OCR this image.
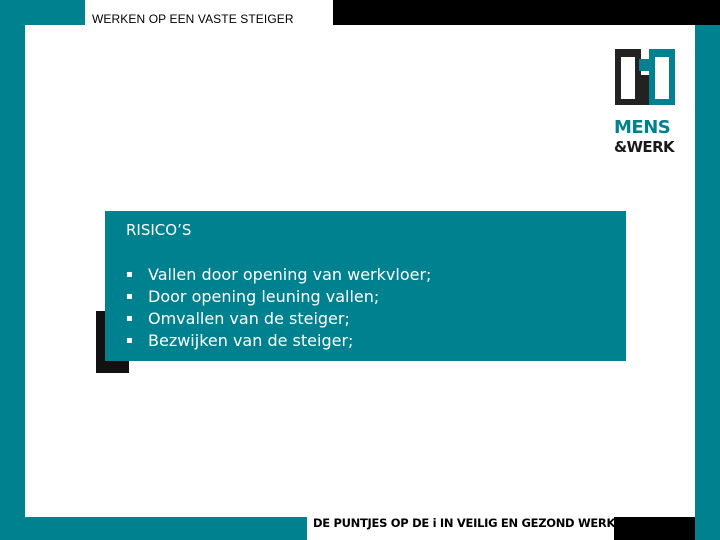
WERKEN OP EEN VASTE STEIGER
MENS
&WERK
RISICO’S
▪ Vallen door opening van werkvloer;
▪ Door opening leuning vallen;
▪ Omvallen van de steiger;
▪ Bezwijken van de steiger;
DE PUNTJES OP DE i IN VEILIG EN GEZOND WERKEN
